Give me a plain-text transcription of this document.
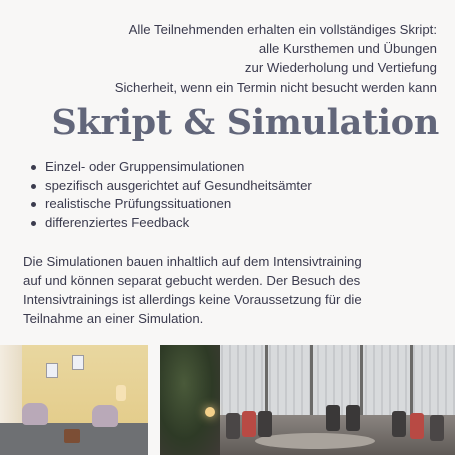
Alle Teilnehmenden erhalten ein vollständiges Skript:

alle Kursthemen und Übungen

zur Wiederholung und Vertiefung

Sicherheit, wenn ein Termin nicht besucht werden kann

Skript & Simulation
Einzel- oder Gruppensimulationen
spezifisch ausgerichtet auf Gesundheitsämter
realistische Prüfungssituationen
differenziertes Feedback

Die Simulationen bauen inhaltlich auf dem Intensivtraining

auf und können separat gebucht werden. Der Besuch des

Intensivtrainings ist allerdings keine Voraussetzung für die

Teilnahme an einer Simulation.
